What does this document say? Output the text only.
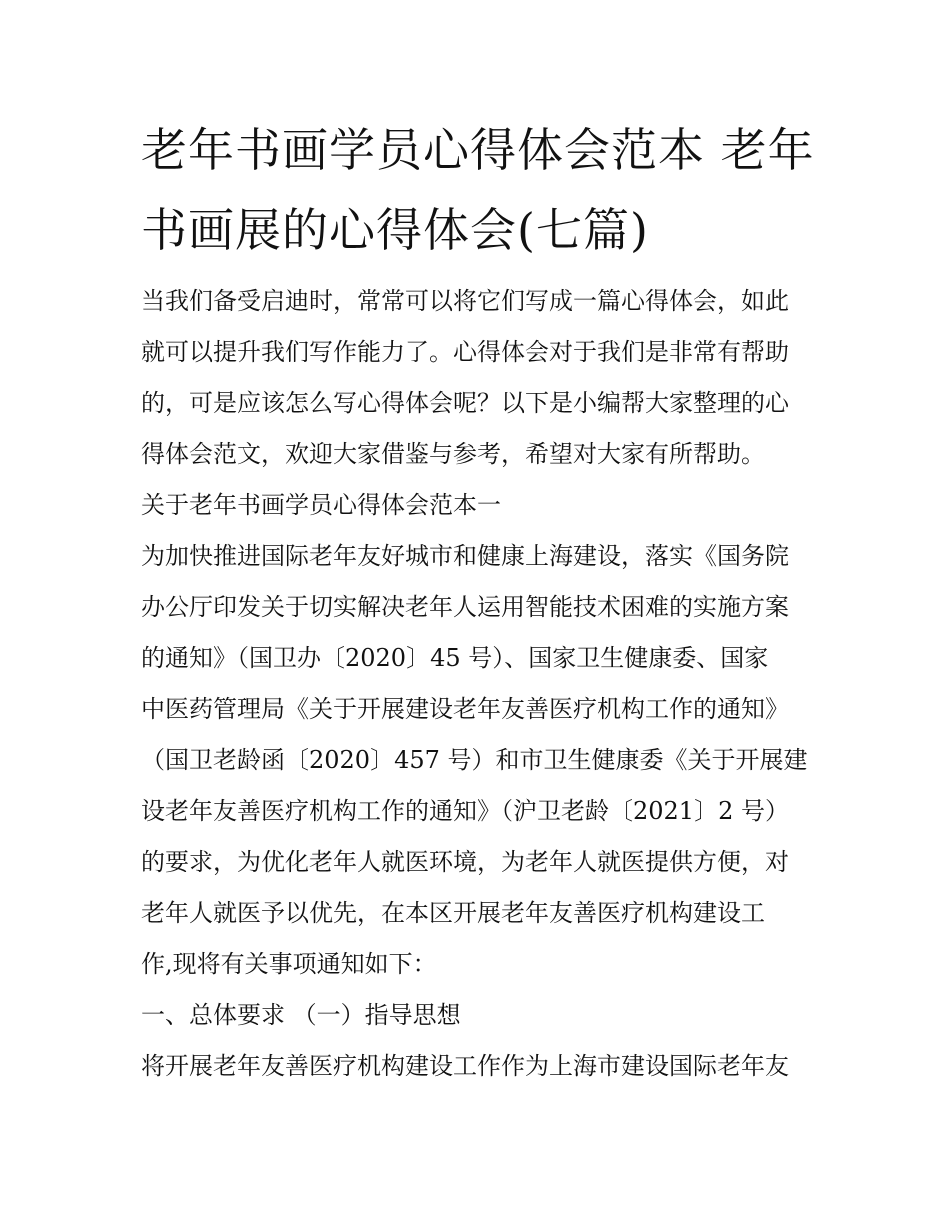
老年书画学员心得体会范本 老年书画展的心得体会(七篇)

当我们备受启迪时，常常可以将它们写成一篇心得体会，如此

就可以提升我们写作能力了。心得体会对于我们是非常有帮助

的，可是应该怎么写心得体会呢？以下是小编帮大家整理的心

得体会范文，欢迎大家借鉴与参考，希望对大家有所帮助。

关于老年书画学员心得体会范本一

为加快推进国际老年友好城市和健康上海建设，落实《国务院

办公厅印发关于切实解决老年人运用智能技术困难的实施方案

的通知》（国卫办〔2020〕45 号）、国家卫生健康委、国家

中医药管理局《关于开展建设老年友善医疗机构工作的通知》

（国卫老龄函〔2020〕457 号）和市卫生健康委《关于开展建

设老年友善医疗机构工作的通知》（沪卫老龄〔2021〕2 号）

的要求，为优化老年人就医环境，为老年人就医提供方便，对

老年人就医予以优先，在本区开展老年友善医疗机构建设工

作,现将有关事项通知如下：

一、总体要求 （一）指导思想

将开展老年友善医疗机构建设工作作为上海市建设国际老年友
